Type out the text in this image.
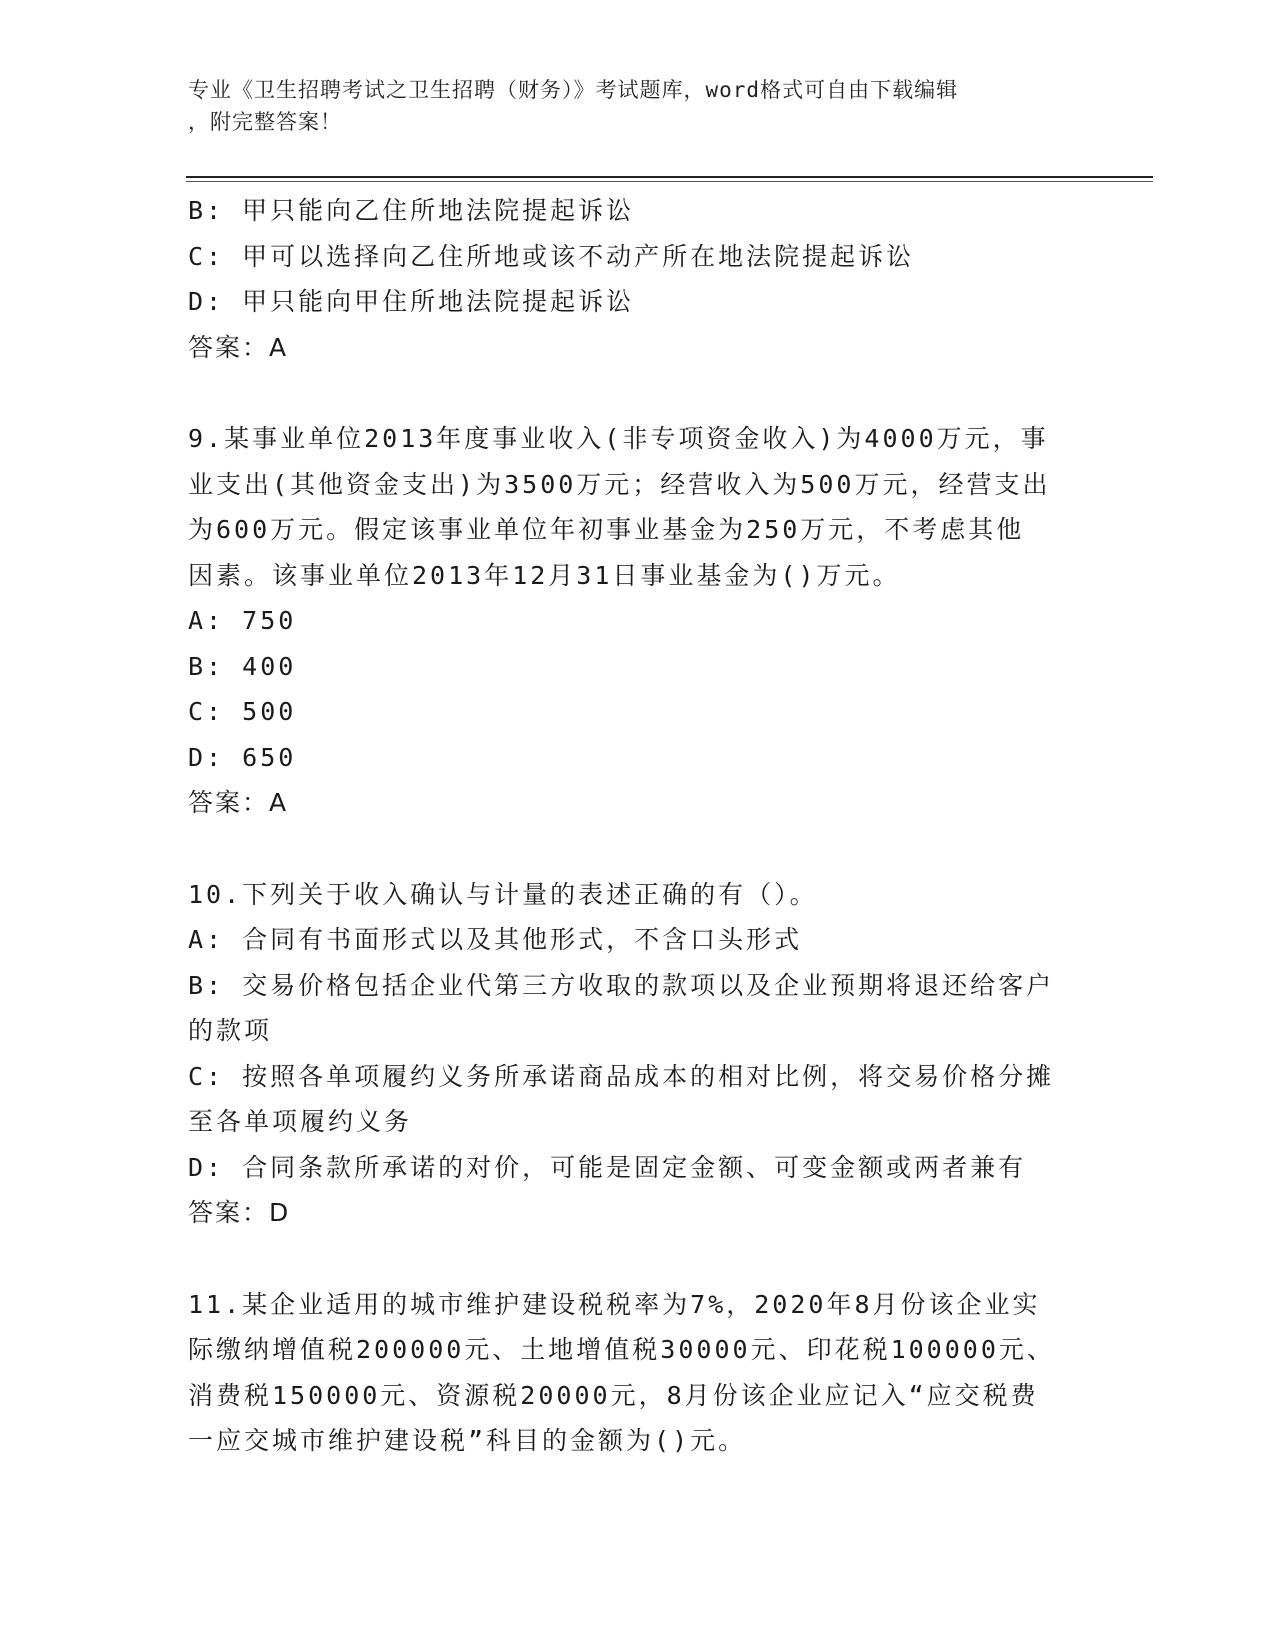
专业《卫生招聘考试之卫生招聘（财务）》考试题库，word格式可自由下载编辑
，附完整答案！

B: 甲只能向乙住所地法院提起诉讼

C: 甲可以选择向乙住所地或该不动产所在地法院提起诉讼

D: 甲只能向甲住所地法院提起诉讼

答案：A

9.某事业单位2013年度事业收入(非专项资金收入)为4000万元，事

业支出(其他资金支出)为3500万元；经营收入为500万元，经营支出

为600万元。假定该事业单位年初事业基金为250万元，不考虑其他

因素。该事业单位2013年12月31日事业基金为()万元。

A: 750

B: 400

C: 500

D: 650

答案：A

10.下列关于收入确认与计量的表述正确的有（）。

A: 合同有书面形式以及其他形式，不含口头形式

B: 交易价格包括企业代第三方收取的款项以及企业预期将退还给客户

的款项

C: 按照各单项履约义务所承诺商品成本的相对比例，将交易价格分摊

至各单项履约义务

D: 合同条款所承诺的对价，可能是固定金额、可变金额或两者兼有

答案：D

11.某企业适用的城市维护建设税税率为7%，2020年8月份该企业实

际缴纳增值税200000元、土地增值税30000元、印花税100000元、

消费税150000元、资源税20000元，8月份该企业应记入“应交税费

一应交城市维护建设税”科目的金额为()元。
